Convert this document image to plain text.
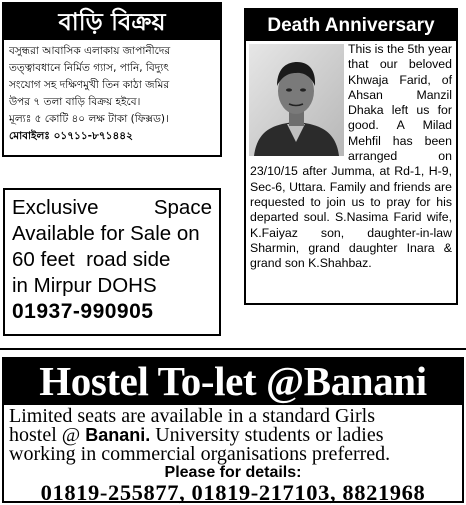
বাড়ি বিক্রয়
বসুন্ধরা আবাসিক এলাকায় জাপানীদের
তত্ত্বাবধানে নির্মিত গ্যাস, পানি, বিদ্যুৎ
সংযোগ সহ দক্ষিণমুখী তিন কাঠা জমির
উপর ৭ তলা বাড়ি বিক্রয় হইবে।
মূল্যঃ ৫ কোটি ৪০ লক্ষ টাকা (ফিক্সড)।
মোবাইলঃ ০১৭১১-৮৭১৪৪২
Death Anniversary
This is the 5th year that our beloved Khwaja Farid, of Ahsan Manzil Dhaka left us for good. A Milad Mehfil has been arranged on 23/10/15 after Jumma, at Rd-1, H-9, Sec-6, Uttara. Family and friends are requested to join us to pray for his departed soul. S.Nasima Farid wife, K.Faiyaz son, daughter-in-law Sharmin, grand daughter Inara & grand son K.Shahbaz.
Exclusive	Space
Available for Sale on
60 feet  road side
in Mirpur DOHS
01937-990905
Hostel To-let @Banani
Limited seats are available in a standard Girls
hostel @ Banani. University students or ladies
working in commercial organisations preferred.
Please for details:
01819-255877, 01819-217103, 8821968
